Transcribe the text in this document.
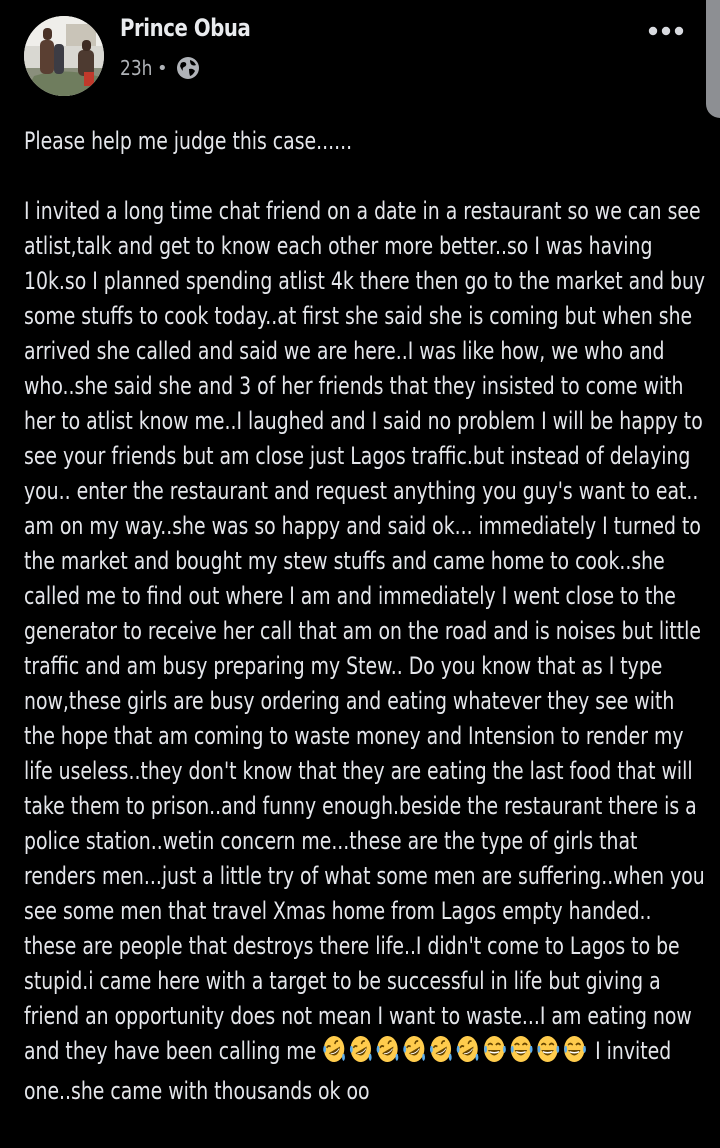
Prince Obua
23h •

Please help me judge this case......

I invited a long time chat friend on a date in a restaurant so we can see atlist,talk and get to know each other more better..so I was having 10k.so I planned spending atlist 4k there then go to the market and buy some stuffs to cook today..at first she said she is coming but when she arrived she called and said we are here..I was like how, we who and who..she said she and 3 of her friends that they insisted to come with her to atlist know me..I laughed and I said no problem I will be happy to see your friends but am close just Lagos traffic.but instead of delaying you.. enter the restaurant and request anything you guy's want to eat.. am on my way..she was so happy and said ok... immediately I turned to the market and bought my stew stuffs and came home to cook..she called me to find out where I am and immediately I went close to the generator to receive her call that am on the road and is noises but little traffic and am busy preparing my Stew.. Do you know that as I type now,these girls are busy ordering and eating whatever they see with the hope that am coming to waste money and Intension to render my life useless..they don't know that they are eating the last food that will take them to prison..and funny enough.beside the restaurant there is a police station..wetin concern me...these are the type of girls that renders men...just a little try of what some men are suffering..when you see some men that travel Xmas home from Lagos empty handed.. these are people that destroys there life..I didn't come to Lagos to be stupid.i came here with a target to be successful in life but giving a friend an opportunity does not mean I want to waste...I am eating now and they have been calling me	I invited one..she came with thousands ok oo
